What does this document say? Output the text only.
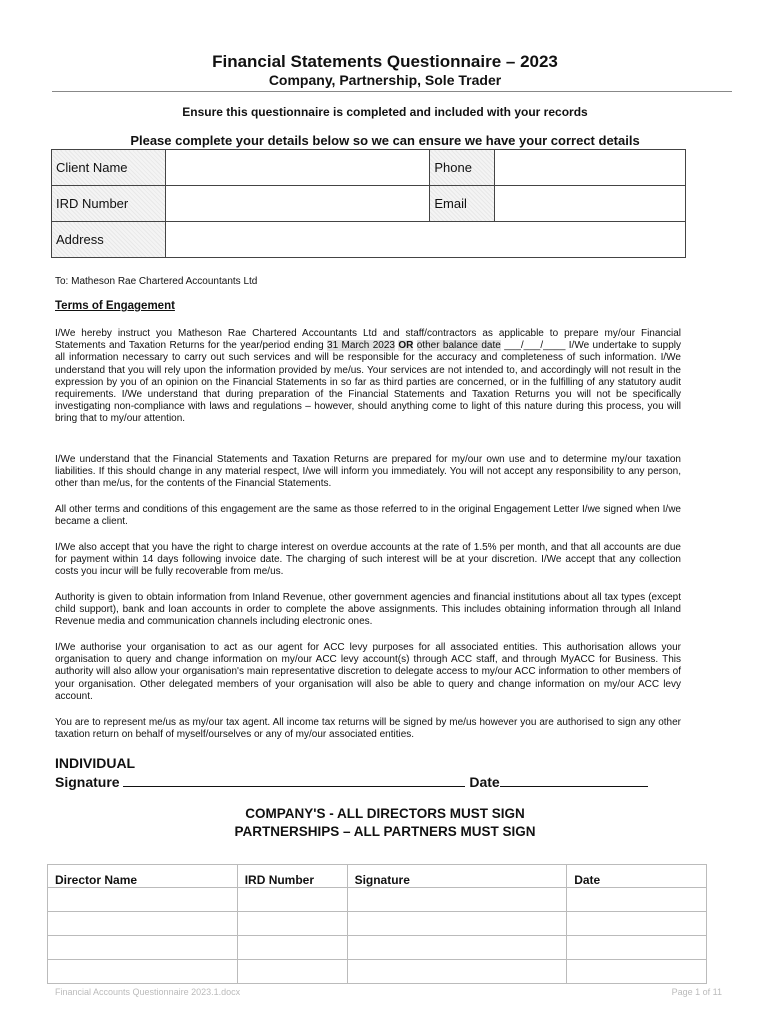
Financial Statements Questionnaire – 2023
Company, Partnership, Sole Trader
Ensure this questionnaire is completed and included with your records
Please complete your details below so we can ensure we have your correct details
Client Name		Phone	
IRD Number		Email	
Address			
To: Matheson Rae Chartered Accountants Ltd
Terms of Engagement

I/We hereby instruct you Matheson Rae Chartered Accountants Ltd and staff/contractors as applicable to prepare my/our Financial Statements and Taxation Returns for the year/period ending 31 March 2023 OR other balance date ___/___/____ I/We undertake to supply all information necessary to carry out such services and will be responsible for the accuracy and completeness of such information. I/We understand that you will rely upon the information provided by me/us. Your services are not intended to, and accordingly will not result in the expression by you of an opinion on the Financial Statements in so far as third parties are concerned, or in the fulfilling of any statutory audit requirements. I/We understand that during preparation of the Financial Statements and Taxation Returns you will not be specifically investigating non-compliance with laws and regulations – however, should anything come to light of this nature during this process, you will bring that to my/our attention.

I/We understand that the Financial Statements and Taxation Returns are prepared for my/our own use and to determine my/our taxation liabilities. If this should change in any material respect, I/we will inform you immediately. You will not accept any responsibility to any person, other than me/us, for the contents of the Financial Statements.

All other terms and conditions of this engagement are the same as those referred to in the original Engagement Letter I/we signed when I/we became a client.

I/We also accept that you have the right to charge interest on overdue accounts at the rate of 1.5% per month, and that all accounts are due for payment within 14 days following invoice date. The charging of such interest will be at your discretion. I/We accept that any collection costs you incur will be fully recoverable from me/us.

Authority is given to obtain information from Inland Revenue, other government agencies and financial institutions about all tax types (except child support), bank and loan accounts in order to complete the above assignments. This includes obtaining information through all Inland Revenue media and communication channels including electronic ones.

I/We authorise your organisation to act as our agent for ACC levy purposes for all associated entities. This authorisation allows your organisation to query and change information on my/our ACC levy account(s) through ACC staff, and through MyACC for Business. This authority will also allow your organisation's main representative discretion to delegate access to my/our ACC information to other members of your organisation. Other delegated members of your organisation will also be able to query and change information on my/our ACC levy account.

You are to represent me/us as my/our tax agent. All income tax returns will be signed by me/us however you are authorised to sign any other taxation return on behalf of myself/ourselves or any of my/our associated entities.

INDIVIDUAL
Signature	Date
COMPANY'S - ALL DIRECTORS MUST SIGN
PARTNERSHIPS – ALL PARTNERS MUST SIGN
Director Name	IRD Number	Signature	Date

Financial Accounts Questionnaire 2023.1.docx	Page 1 of 11
